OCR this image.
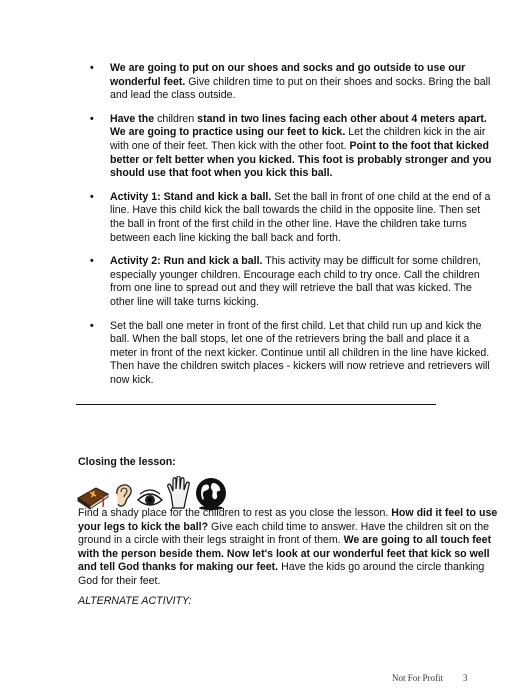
• We are going to put on our shoes and socks and go outside to use our wonderful feet. Give children time to put on their shoes and socks. Bring the ball and lead the class outside.
• Have the children stand in two lines facing each other about 4 meters apart. We are going to practice using our feet to kick. Let the children kick in the air with one of their feet. Then kick with the other foot. Point to the foot that kicked better or felt better when you kicked. This foot is probably stronger and you should use that foot when you kick this ball.
• Activity 1: Stand and kick a ball. Set the ball in front of one child at the end of a line. Have this child kick the ball towards the child in the opposite line. Then set the ball in front of the first child in the other line. Have the children take turns between each line kicking the ball back and forth.
• Activity 2: Run and kick a ball. This activity may be difficult for some children, especially younger children. Encourage each child to try once. Call the children from one line to spread out and they will retrieve the ball that was kicked. The other line will take turns kicking.
• Set the ball one meter in front of the first child. Let that child run up and kick the ball. When the ball stops, let one of the retrievers bring the ball and place it a meter in front of the next kicker. Continue until all children in the line have kicked. Then have the children switch places - kickers will now retrieve and retrievers will now kick.
Closing the lesson:

Find a shady place for the children to rest as you close the lesson. How did it feel to use your legs to kick the ball? Give each child time to answer. Have the children sit on the ground in a circle with their legs straight in front of them. We are going to all touch feet with the person beside them. Now let's look at our wonderful feet that kick so well and tell God thanks for making our feet. Have the kids go around the circle thanking God for their feet.

ALTERNATE ACTIVITY:
Not For Profit 3
